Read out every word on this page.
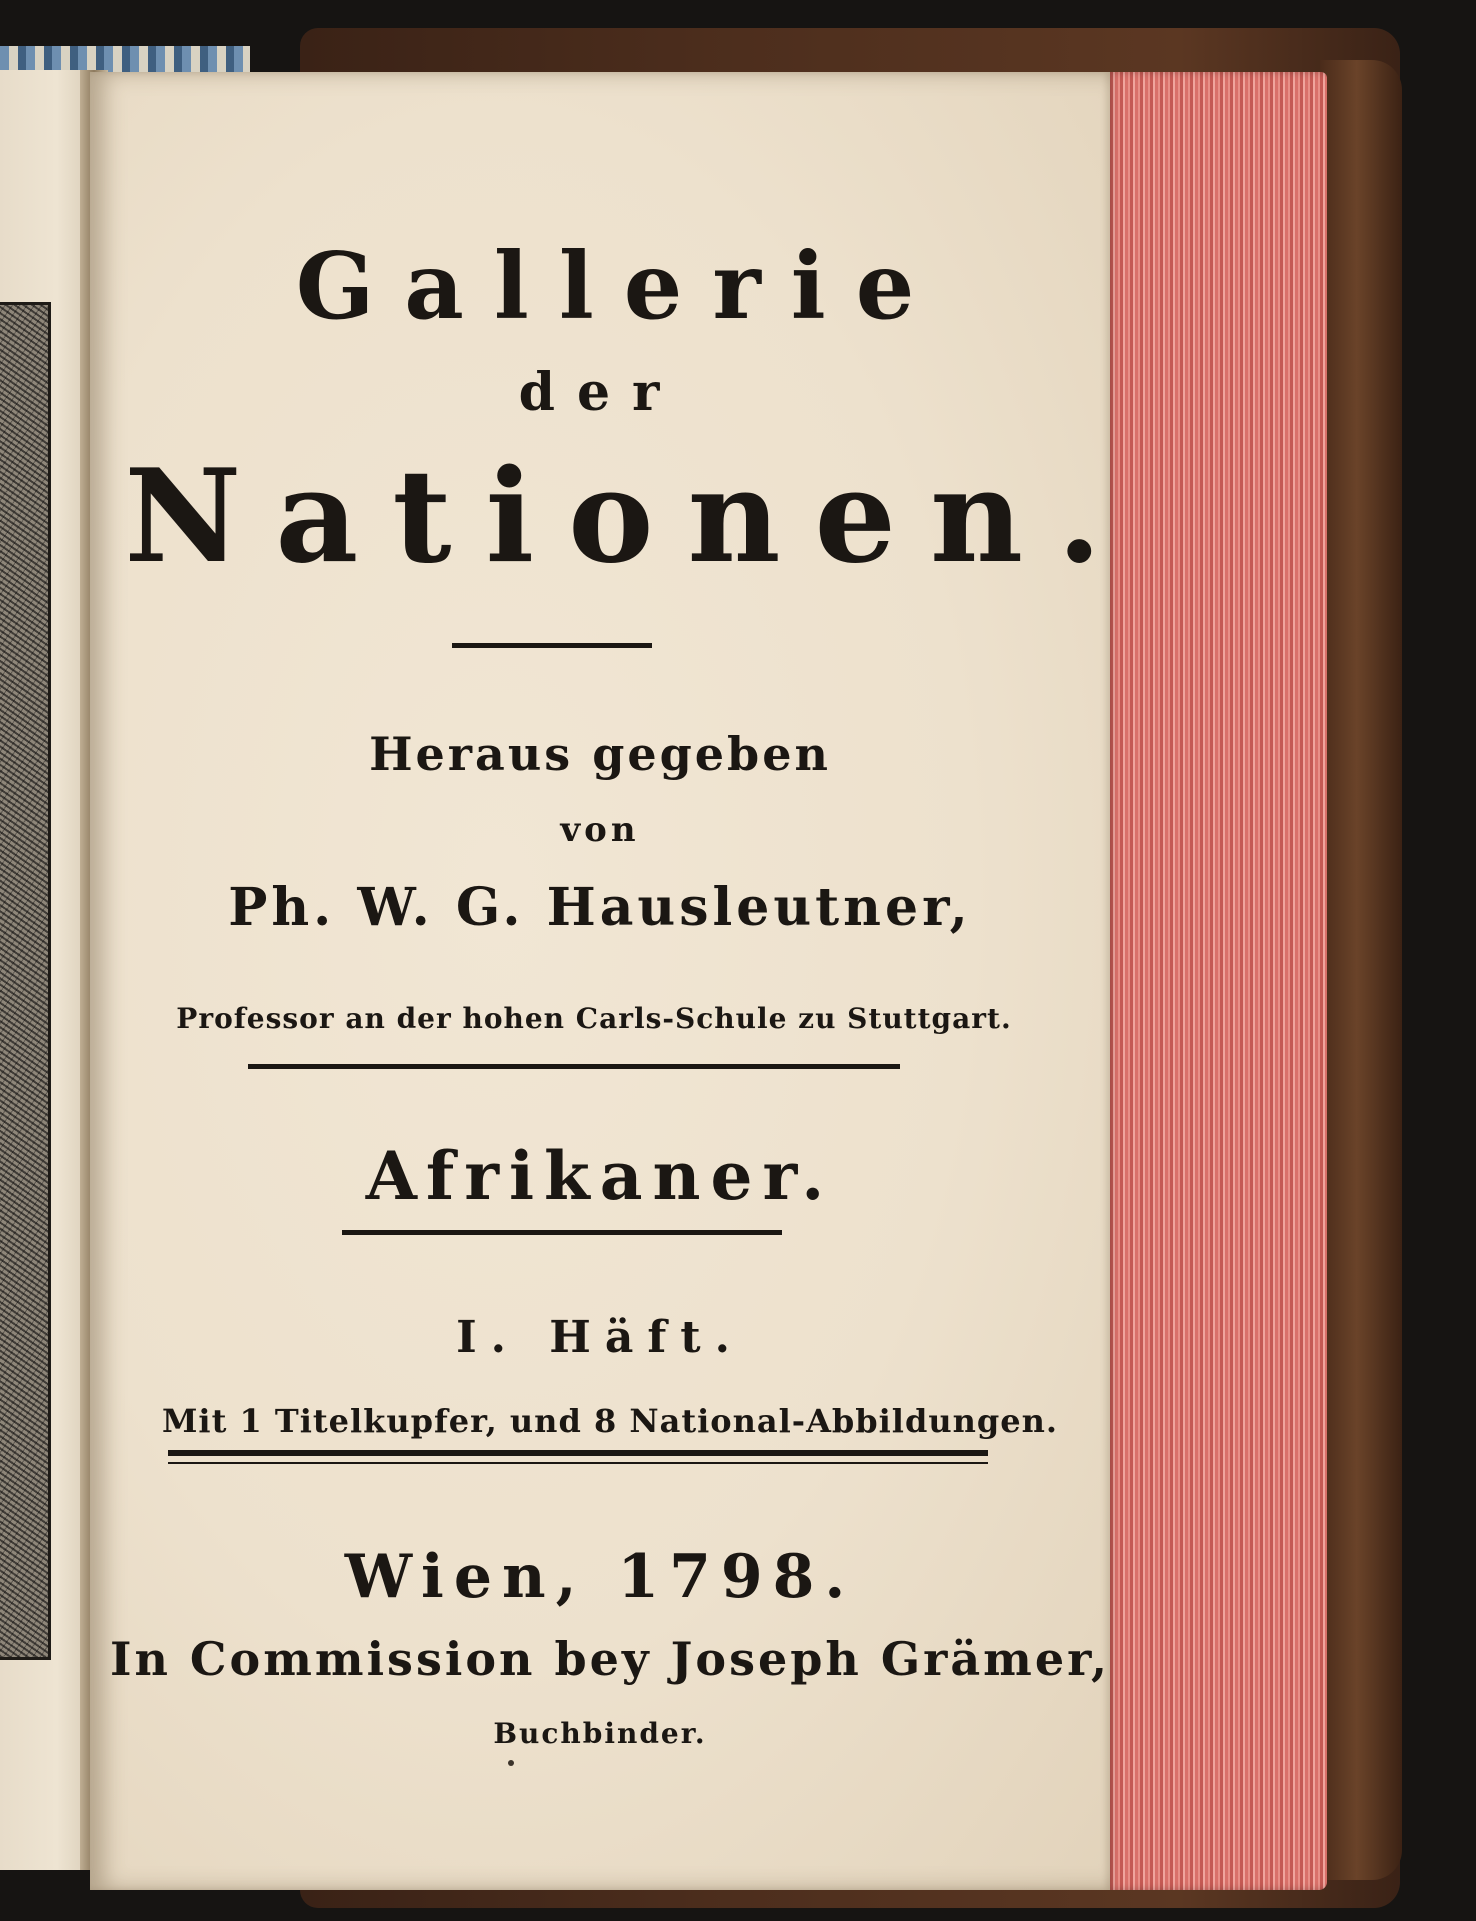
Gallerie
der
Nationen.
Heraus gegeben
von
Ph. W. G. Hausleutner,
Professor an der hohen Carls-Schule zu Stuttgart.
Afrikaner.
I. Häft.
Mit 1 Titelkupfer, und 8 National-Abbildungen.
Wien, 1798.
In Commission bey Joseph Grämer,
Buchbinder.
